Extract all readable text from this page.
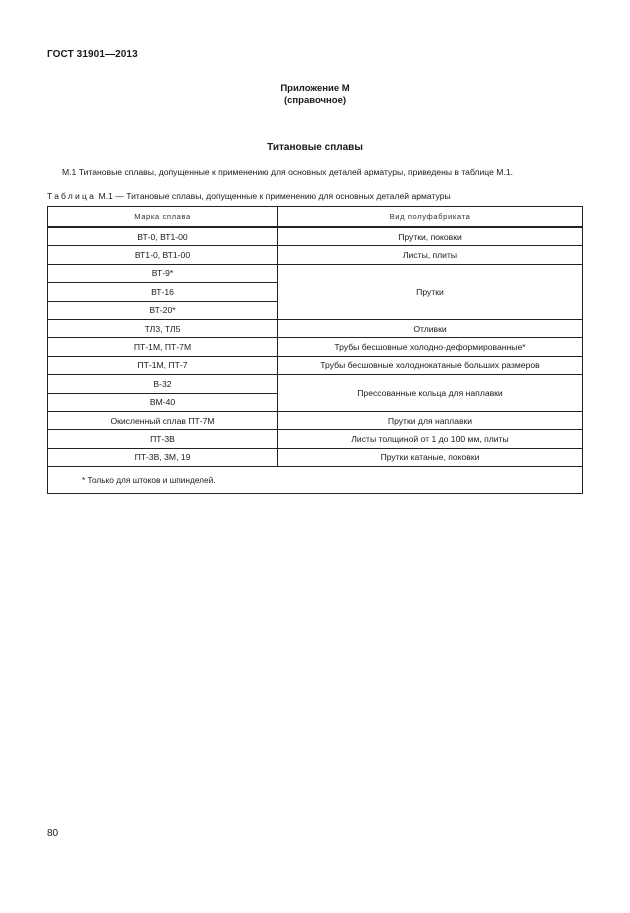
ГОСТ 31901—2013
Приложение М
(справочное)
Титановые сплавы
М.1 Титановые сплавы, допущенные к применению для основных деталей арматуры, приведены в таблице М.1.
Таблица М.1 — Титановые сплавы, допущенные к применению для основных деталей арматуры
Марка сплава	Вид полуфабриката
ВТ-0, ВТ1-00	Прутки, поковки
ВТ1-0, ВТ1-00	Листы, плиты
ВТ-9*	Прутки
ВТ-16	
ВТ-20*	
ТЛ3, ТЛ5	Отливки
ПТ-1М, ПТ-7М	Трубы бесшовные холодно-деформированные*
ПТ-1М, ПТ-7	Трубы бесшовные холоднокатаные больших размеров
В-32	Прессованные кольца для наплавки
ВМ-40	
Окисленный сплав ПТ-7М	Прутки для наплавки
ПТ-3В	Листы толщиной от 1 до 100 мм, плиты
ПТ-3В, 3М, 19	Прутки катаные, поковки
* Только для штоков и шпинделей.	
80
